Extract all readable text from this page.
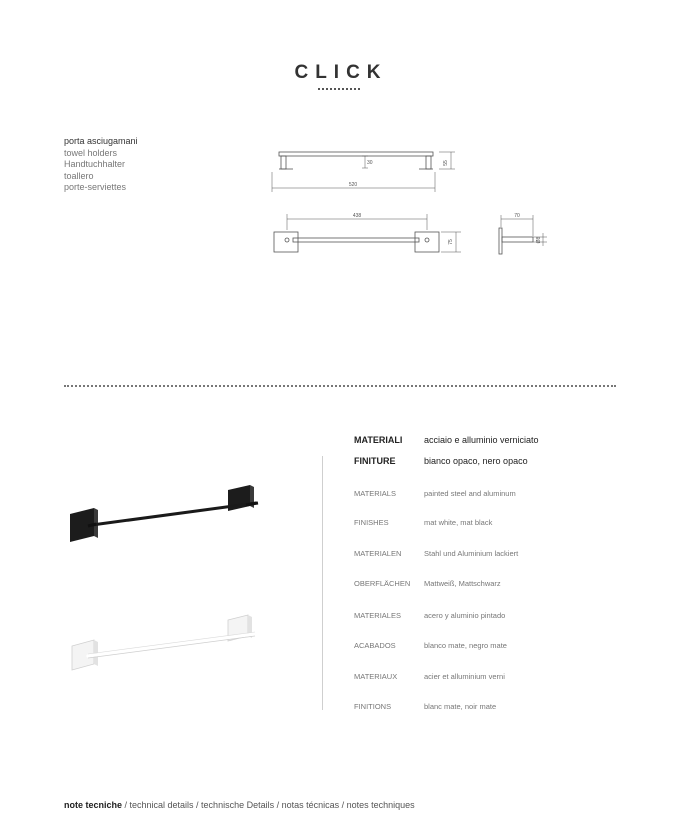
CLICK
porta asciugamani
towel holders
Handtuchhalter
toallero
porte-serviettes
30	55
520
438
75
70
Ø8
MATERIALI acciaio e alluminio verniciato
FINITURE	bianco opaco, nero opaco
MATERIALS	painted steel and aluminum
FINISHES	mat white, mat black
MATERIALEN	Stahl und Aluminium lackiert
OBERFLÄCHEN Mattweiß, Mattschwarz
MATERIALES	acero y aluminio pintado
ACABADOS	blanco mate, negro mate
MATERIAUX	acier et alluminium verni
FINITIONS	blanc mate, noir mate
note tecniche / technical details / technische Details / notas técnicas / notes techniques
